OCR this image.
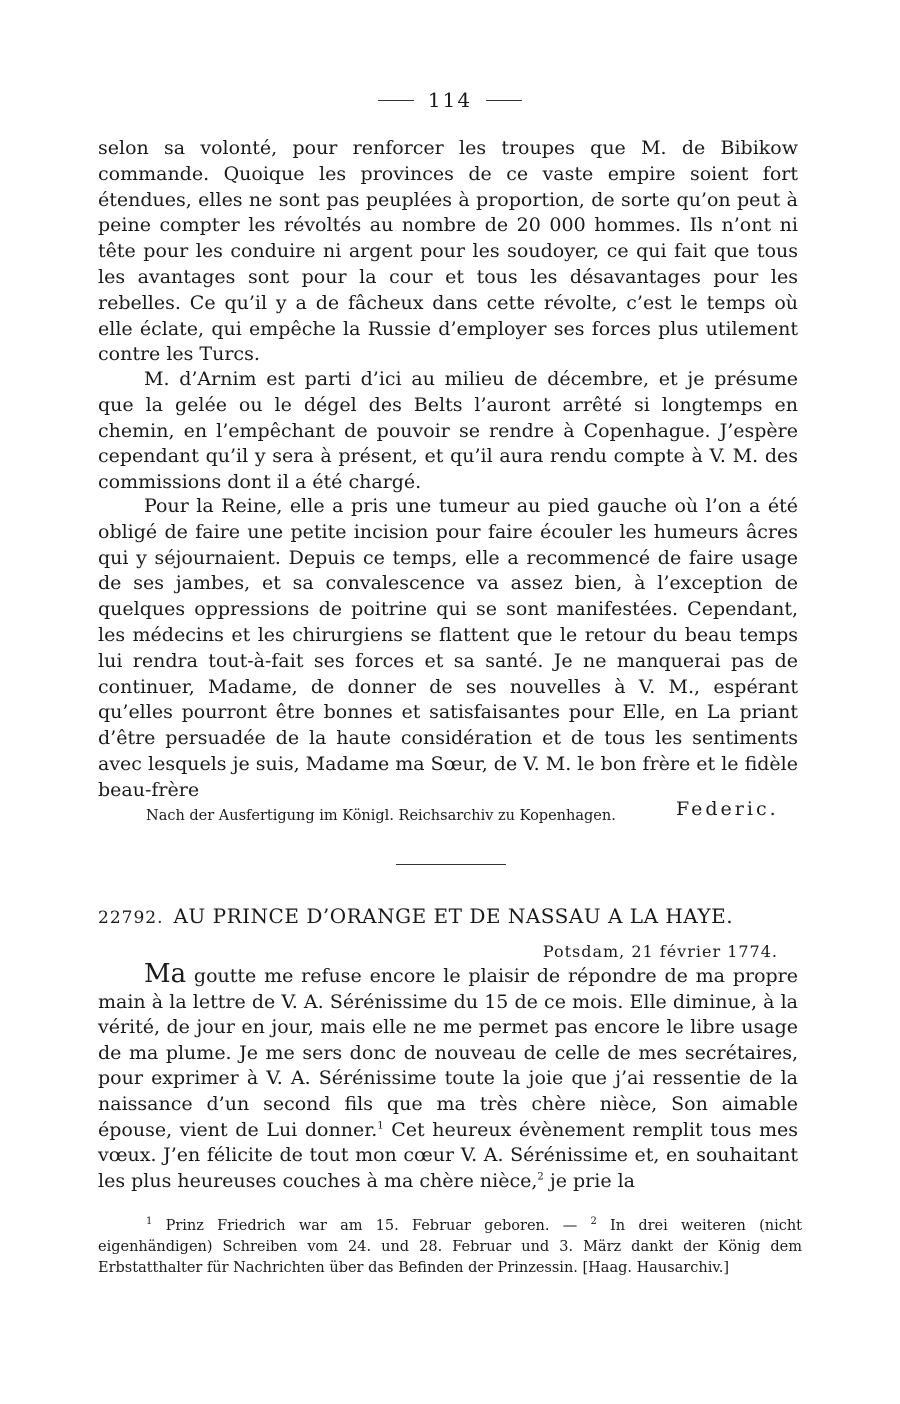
114

selon sa volonté, pour renforcer les troupes que M. de Bibikow commande. Quoique les provinces de ce vaste empire soient fort étendues, elles ne sont pas peuplées à proportion, de sorte qu’on peut à peine compter les révoltés au nombre de 20 000 hommes. Ils n’ont ni tête pour les conduire ni argent pour les soudoyer, ce qui fait que tous les avantages sont pour la cour et tous les désavantages pour les rebelles. Ce qu’il y a de fâcheux dans cette révolte, c’est le temps où elle éclate, qui empêche la Russie d’employer ses forces plus utilement contre les Turcs.

M. d’Arnim est parti d’ici au milieu de décembre, et je présume que la gelée ou le dégel des Belts l’auront arrêté si longtemps en chemin, en l’empêchant de pouvoir se rendre à Copenhague. J’espère cependant qu’il y sera à présent, et qu’il aura rendu compte à V. M. des commissions dont il a été chargé.

Pour la Reine, elle a pris une tumeur au pied gauche où l’on a été obligé de faire une petite incision pour faire écouler les humeurs âcres qui y séjournaient. Depuis ce temps, elle a recommencé de faire usage de ses jambes, et sa convalescence va assez bien, à l’exception de quelques oppressions de poitrine qui se sont manifestées. Cependant, les médecins et les chirurgiens se flattent que le retour du beau temps lui rendra tout-à-fait ses forces et sa santé. Je ne manquerai pas de continuer, Madame, de donner de ses nouvelles à V. M., espérant qu’elles pourront être bonnes et satisfaisantes pour Elle, en La priant d’être persuadée de la haute considération et de tous les sentiments avec lesquels je suis, Madame ma Sœur, de V. M. le bon frère et le fidèle beau-frère

Federic.
Nach der Ausfertigung im Königl. Reichsarchiv zu Kopenhagen.
22792. AU PRINCE D’ORANGE ET DE NASSAU A LA HAYE.
Potsdam, 21 février 1774.

Ma goutte me refuse encore le plaisir de répondre de ma propre main à la lettre de V. A. Sérénissime du 15 de ce mois. Elle diminue, à la vérité, de jour en jour, mais elle ne me permet pas encore le libre usage de ma plume. Je me sers donc de nouveau de celle de mes secrétaires, pour exprimer à V. A. Sérénissime toute la joie que j’ai ressentie de la naissance d’un second fils que ma très chère nièce, Son aimable épouse, vient de Lui donner.$^1$ Cet heureux évènement remplit tous mes vœux. J’en félicite de tout mon cœur V. A. Sérénissime et, en souhaitant les plus heureuses couches à ma chère nièce,$^2$ je prie la

$^1$ Prinz Friedrich war am 15. Februar geboren. — $^2$ In drei weiteren (nicht eigenhändigen) Schreiben vom 24. und 28. Februar und 3. März dankt der König dem Erbstatthalter für Nachrichten über das Befinden der Prinzessin. [Haag. Hausarchiv.]
